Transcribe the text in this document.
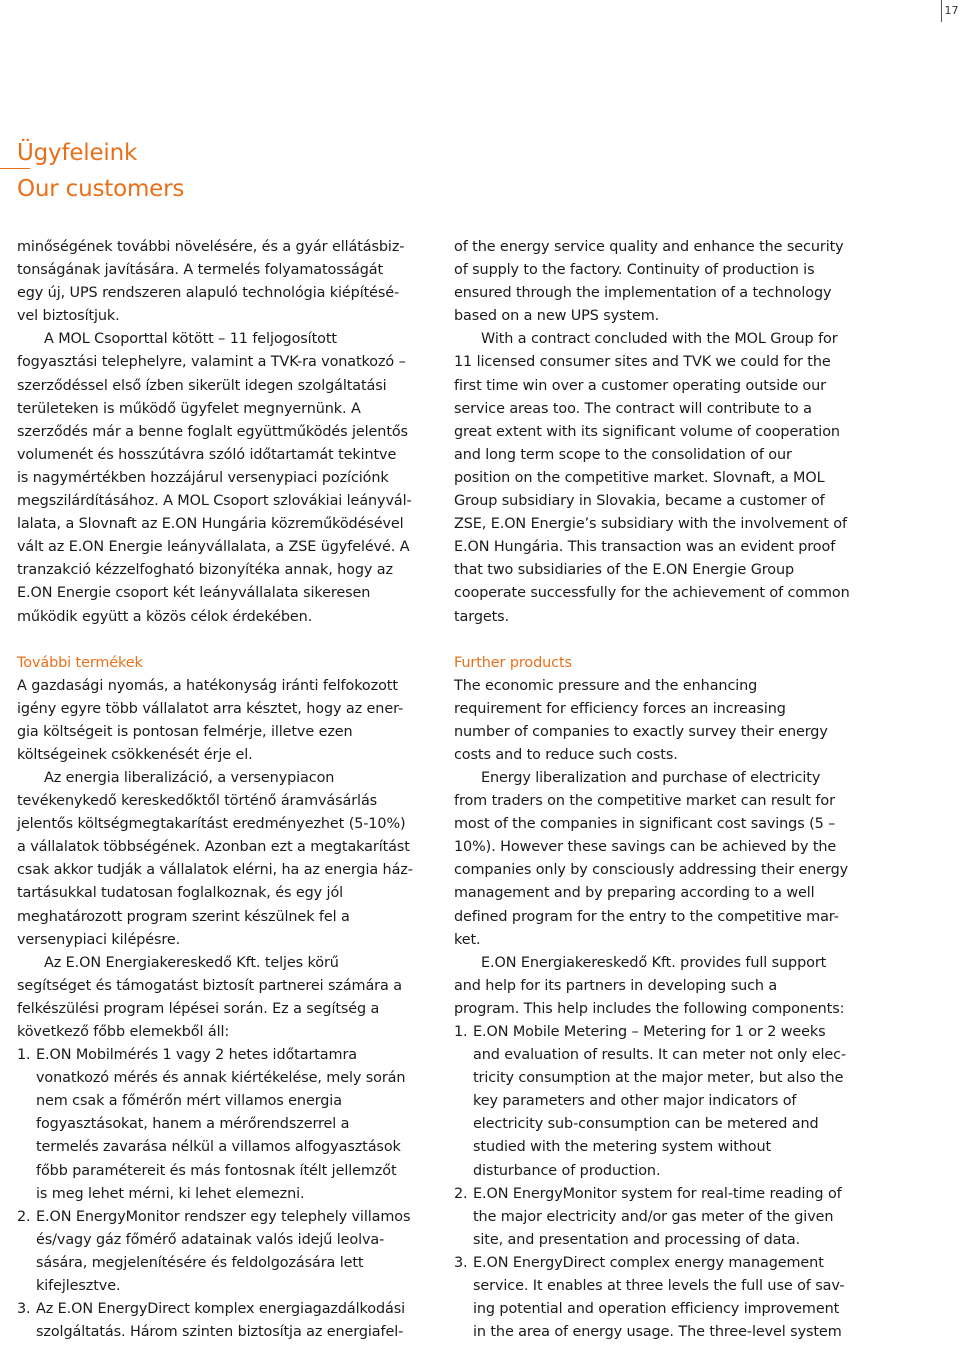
17
Ügyfeleink
Our customers

minőségének további növelésére, és a gyár ellátásbiz-
tonságának javítására. A termelés folyamatosságát
egy új, UPS rendszeren alapuló technológia kiépítésé-
vel biztosítjuk.

A MOL Csoporttal kötött – 11 feljogosított
fogyasztási telephelyre, valamint a TVK-ra vonatkozó –
szerződéssel első ízben sikerült idegen szolgáltatási
területeken is működő ügyfelet megnyernünk. A
szerződés már a benne foglalt együttműködés jelentős
volumenét és hosszútávra szóló időtartamát tekintve
is nagymértékben hozzájárul versenypiaci pozíciónk
megszilárdításához. A MOL Csoport szlovákiai leányvál-
lalata, a Slovnaft az E.ON Hungária közreműködésével
vált az E.ON Energie leányvállalata, a ZSE ügyfelévé. A
tranzakció kézzelfogható bizonyítéka annak, hogy az
E.ON Energie csoport két leányvállalata sikeresen
működik együtt a közös célok érdekében.

További termékek

A gazdasági nyomás, a hatékonyság iránti felfokozott
igény egyre több vállalatot arra késztet, hogy az ener-
gia költségeit is pontosan felmérje, illetve ezen
költségeinek csökkenését érje el.

Az energia liberalizáció, a versenypiacon
tevékenykedő kereskedőktől történő áramvásárlás
jelentős költségmegtakarítást eredményezhet (5-10%)
a vállalatok többségének. Azonban ezt a megtakarítást
csak akkor tudják a vállalatok elérni, ha az energia ház-
tartásukkal tudatosan foglalkoznak, és egy jól
meghatározott program szerint készülnek fel a
versenypiaci kilépésre.

Az E.ON Energiakereskedő Kft. teljes körű
segítséget és támogatást biztosít partnerei számára a
felkészülési program lépései során. Ez a segítség a
következő főbb elemekből áll:

1. E.ON Mobilmérés 1 vagy 2 hetes időtartamra
vonatkozó mérés és annak kiértékelése, mely során
nem csak a főmérőn mért villamos energia
fogyasztásokat, hanem a mérőrendszerrel a
termelés zavarása nélkül a villamos alfogyasztások
főbb paramétereit és más fontosnak ítélt jellemzőt
is meg lehet mérni, ki lehet elemezni.
2. E.ON EnergyMonitor rendszer egy telephely villamos
és/vagy gáz főmérő adatainak valós idejű leolva-
sására, megjelenítésére és feldolgozására lett
kifejlesztve.
3. Az E.ON EnergyDirect komplex energiagazdálkodási
szolgáltatás. Három szinten biztosítja az energiafel-

of the energy service quality and enhance the security
of supply to the factory. Continuity of production is
ensured through the implementation of a technology
based on a new UPS system.

With a contract concluded with the MOL Group for
11 licensed consumer sites and TVK we could for the
first time win over a customer operating outside our
service areas too. The contract will contribute to a
great extent with its significant volume of cooperation
and long term scope to the consolidation of our
position on the competitive market. Slovnaft, a MOL
Group subsidiary in Slovakia, became a customer of
ZSE, E.ON Energie’s subsidiary with the involvement of
E.ON Hungária. This transaction was an evident proof
that two subsidiaries of the E.ON Energie Group
cooperate successfully for the achievement of common
targets.

Further products

The economic pressure and the enhancing
requirement for efficiency forces an increasing
number of companies to exactly survey their energy
costs and to reduce such costs.

Energy liberalization and purchase of electricity
from traders on the competitive market can result for
most of the companies in significant cost savings (5 –
10%). However these savings can be achieved by the
companies only by consciously addressing their energy
management and by preparing according to a well
defined program for the entry to the competitive mar-
ket.

E.ON Energiakereskedő Kft. provides full support
and help for its partners in developing such a
program. This help includes the following components:

1. E.ON Mobile Metering – Metering for 1 or 2 weeks
and evaluation of results. It can meter not only elec-
tricity consumption at the major meter, but also the
key parameters and other major indicators of
electricity sub-consumption can be metered and
studied with the metering system without
disturbance of production.
2. E.ON EnergyMonitor system for real-time reading of
the major electricity and/or gas meter of the given
site, and presentation and processing of data.
3. E.ON EnergyDirect complex energy management
service. It enables at three levels the full use of sav-
ing potential and operation efficiency improvement
in the area of energy usage. The three-level system
